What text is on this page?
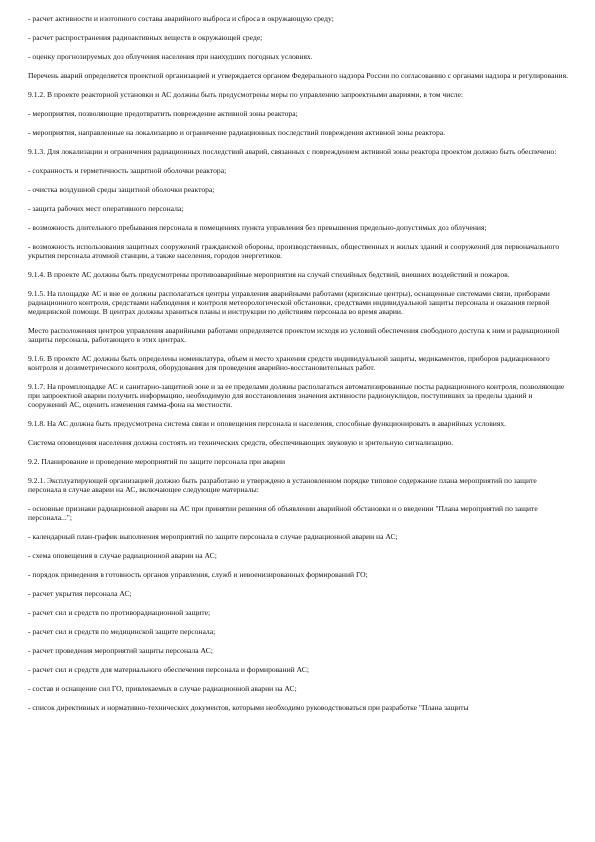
- расчет активности и изотопного состава аварийного выброса и сброса в окружающую среду;

- расчет распространения радиоактивных веществ в окружающей среде;

- оценку прогнозируемых доз облучения населения при наихудших погодных условиях.

Перечень аварий определяется проектной организацией и утверждается органом Федерального надзора России по согласованию с органами надзора и регулирования.

9.1.2. В проекте реакторной установки и АС должны быть предусмотрены меры по управлению запроектными авариями, в том числе:

- мероприятия, позволяющие предотвратить повреждение активной зоны реактора;

- мероприятия, направленные на локализацию и ограничение радиационных последствий повреждения активной зоны реактора.

9.1.3. Для локализации и ограничения радиационных последствий аварий, связанных с повреждением активной зоны реактора проектом должно быть обеспечено:

- сохранность и герметичность защитной оболочки реактора;

- очистка воздушной среды защитной оболочки реактора;

- защита рабочих мест оперативного персонала;

- возможность длительного пребывания персонала в помещениях пункта управления без превышения предельно-допустимых доз облучения;

- возможность использования защитных сооружений гражданской обороны, производственных, общественных и жилых зданий и сооружений для первоначального укрытия персонала атомной станции, а также населения, городов энергетиков.

9.1.4. В проекте АС должны быть предусмотрены противоаварийные мероприятия на случай стихийных бедствий, внешних воздействий и пожаров.

9.1.5. На площадке АС и вне ее должны располагаться центры управления аварийными работами (кризисные центры), оснащенные системами связи, приборами радиационного контроля, средствами наблюдения и контроля метеорологической обстановки, средствами индивидуальной защиты персонала и оказания первой медицинской помощи. В центрах должны храниться планы и инструкции по действиям персонала во время аварии.

Место расположения центров управления аварийными работами определяется проектом исходя из условий обеспечения свободного доступа к ним и радиационной защиты персонала, работающего в этих центрах.

9.1.6. В проекте АС должны быть определены номенклатура, объем и место хранения средств индивидуальной защиты, медикаментов, приборов радиационного контроля и дозиметрического контроля, оборудования для проведения аварийно-восстановительных работ.

9.1.7. На промплощадке АС и санитарно-защитной зоне и за ее пределами должны располагаться автоматизированные посты радиационного контроля, позволяющие при запроектной аварии получить информацию, необходимую для восстановления значения активности радионуклидов, поступивших за пределы зданий и сооружений АС, оценить изменения гамма-фона на местности.

9.1.8. На АС должна быть предусмотрена система связи и оповещения персонала и населения, способные функционировать в аварийных условиях.

Система оповещения населения должна состоять из технических средств, обеспечивающих звуковую и зрительную сигнализацию.

9.2. Планирование и проведение мероприятий по защите персонала при аварии

9.2.1. Эксплуатирующей организацией должно быть разработано и утверждено в установленном порядке типовое содержание плана мероприятий по защите персонала в случае аварии на АС, включающее следующие материалы:

- основные признаки радиационной аварии на АС при принятии решения об объявлении аварийной обстановки и о введении "Плана мероприятий по защите персонала...";

- календарный план-график выполнения мероприятий по защите персонала в случае радиационной аварии на АС;

- схема оповещения в случае радиационной аварии на АС;

- порядок приведения в готовность органов управления, служб и невоенизированных формирований ГО;

- расчет укрытия персонала АС;

- расчет сил и средств по противорадиационной защите;

- расчет сил и средств по медицинской защите персонала;

- расчет проведения мероприятий защиты персонала АС;

- расчет сил и средств для материального обеспечения персонала и формирований АС;

- состав и оснащение сил ГО, привлекаемых в случае радиационной аварии на АС;

- список директивных и нормативно-технических документов, которыми необходимо руководствоваться при разработке "Плана защиты
